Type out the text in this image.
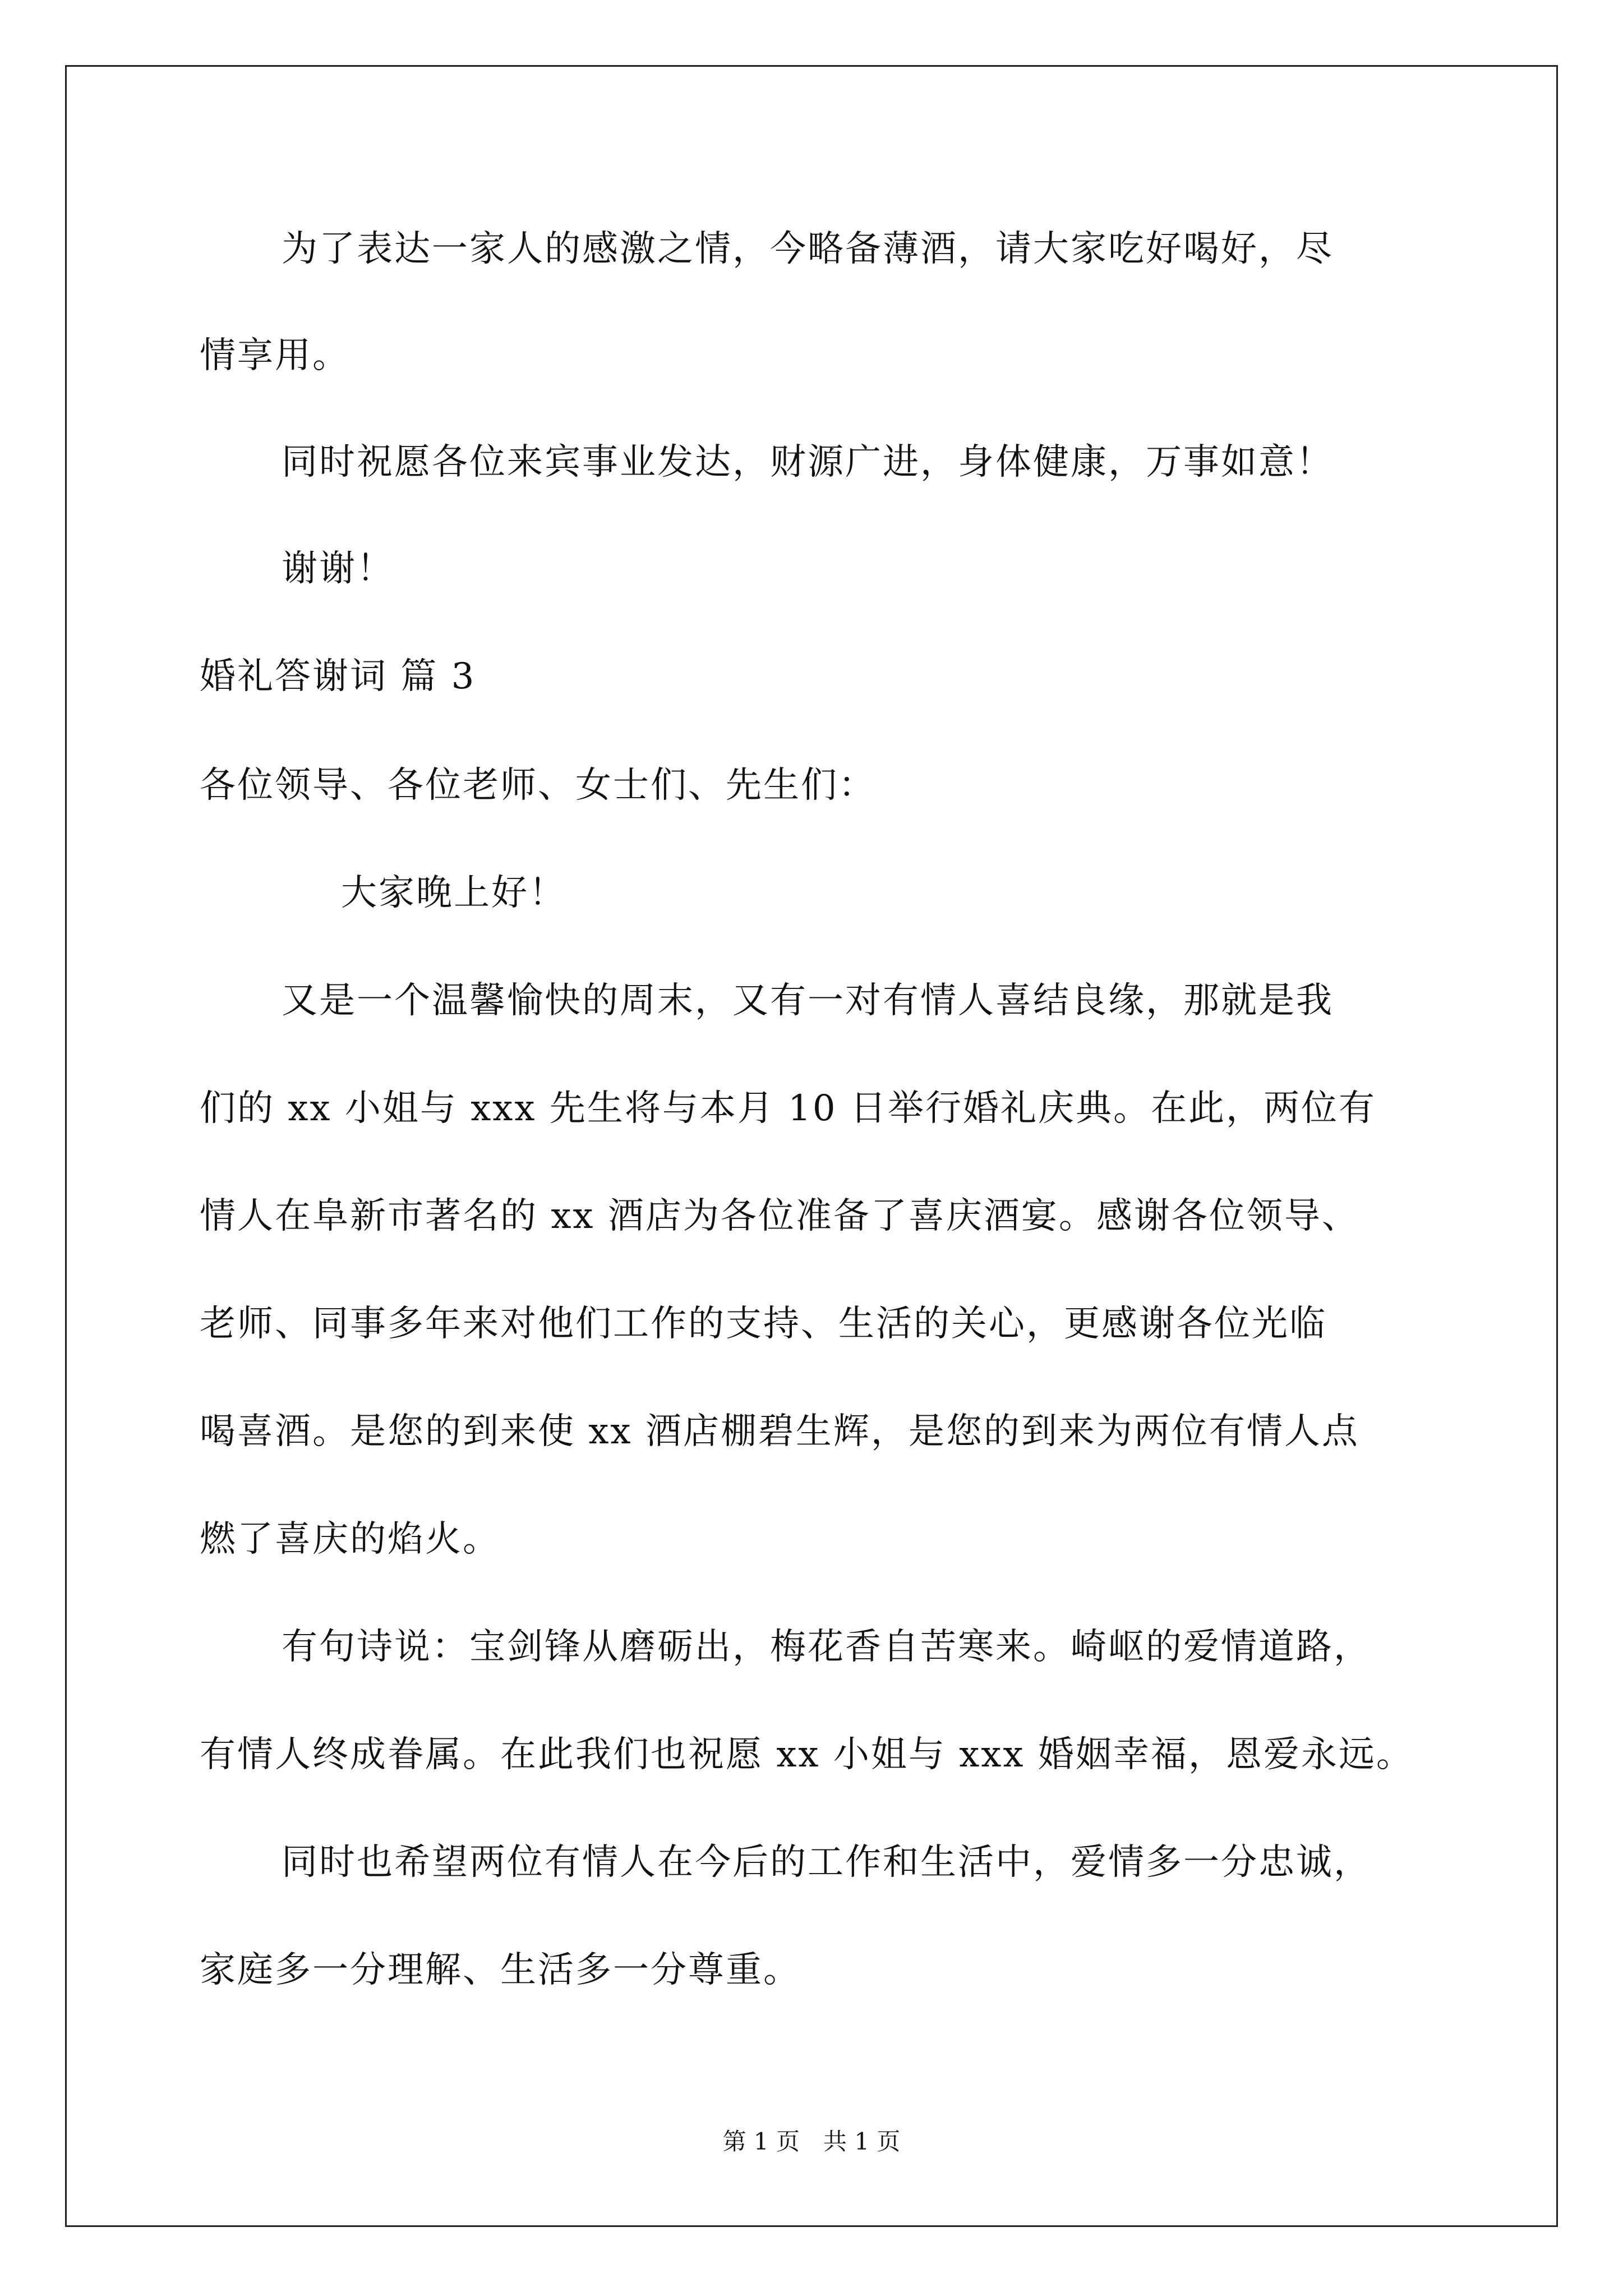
为了表达一家人的感激之情，今略备薄酒，请大家吃好喝好，尽
情享用。
同时祝愿各位来宾事业发达，财源广进，身体健康，万事如意！
谢谢！
婚礼答谢词 篇 3
各位领导、各位老师、女士们、先生们：
大家晚上好！
又是一个温馨愉快的周末，又有一对有情人喜结良缘，那就是我
们的 xx 小姐与 xxx 先生将与本月 10 日举行婚礼庆典。在此，两位有
情人在阜新市著名的 xx 酒店为各位准备了喜庆酒宴。感谢各位领导、
老师、同事多年来对他们工作的支持、生活的关心，更感谢各位光临
喝喜酒。是您的到来使 xx 酒店棚碧生辉，是您的到来为两位有情人点
燃了喜庆的焰火。
有句诗说：宝剑锋从磨砺出，梅花香自苦寒来。崎岖的爱情道路，
有情人终成眷属。在此我们也祝愿 xx 小姐与 xxx 婚姻幸福，恩爱永远。
同时也希望两位有情人在今后的工作和生活中，爱情多一分忠诚，
家庭多一分理解、生活多一分尊重。
第 1 页　共 1 页
